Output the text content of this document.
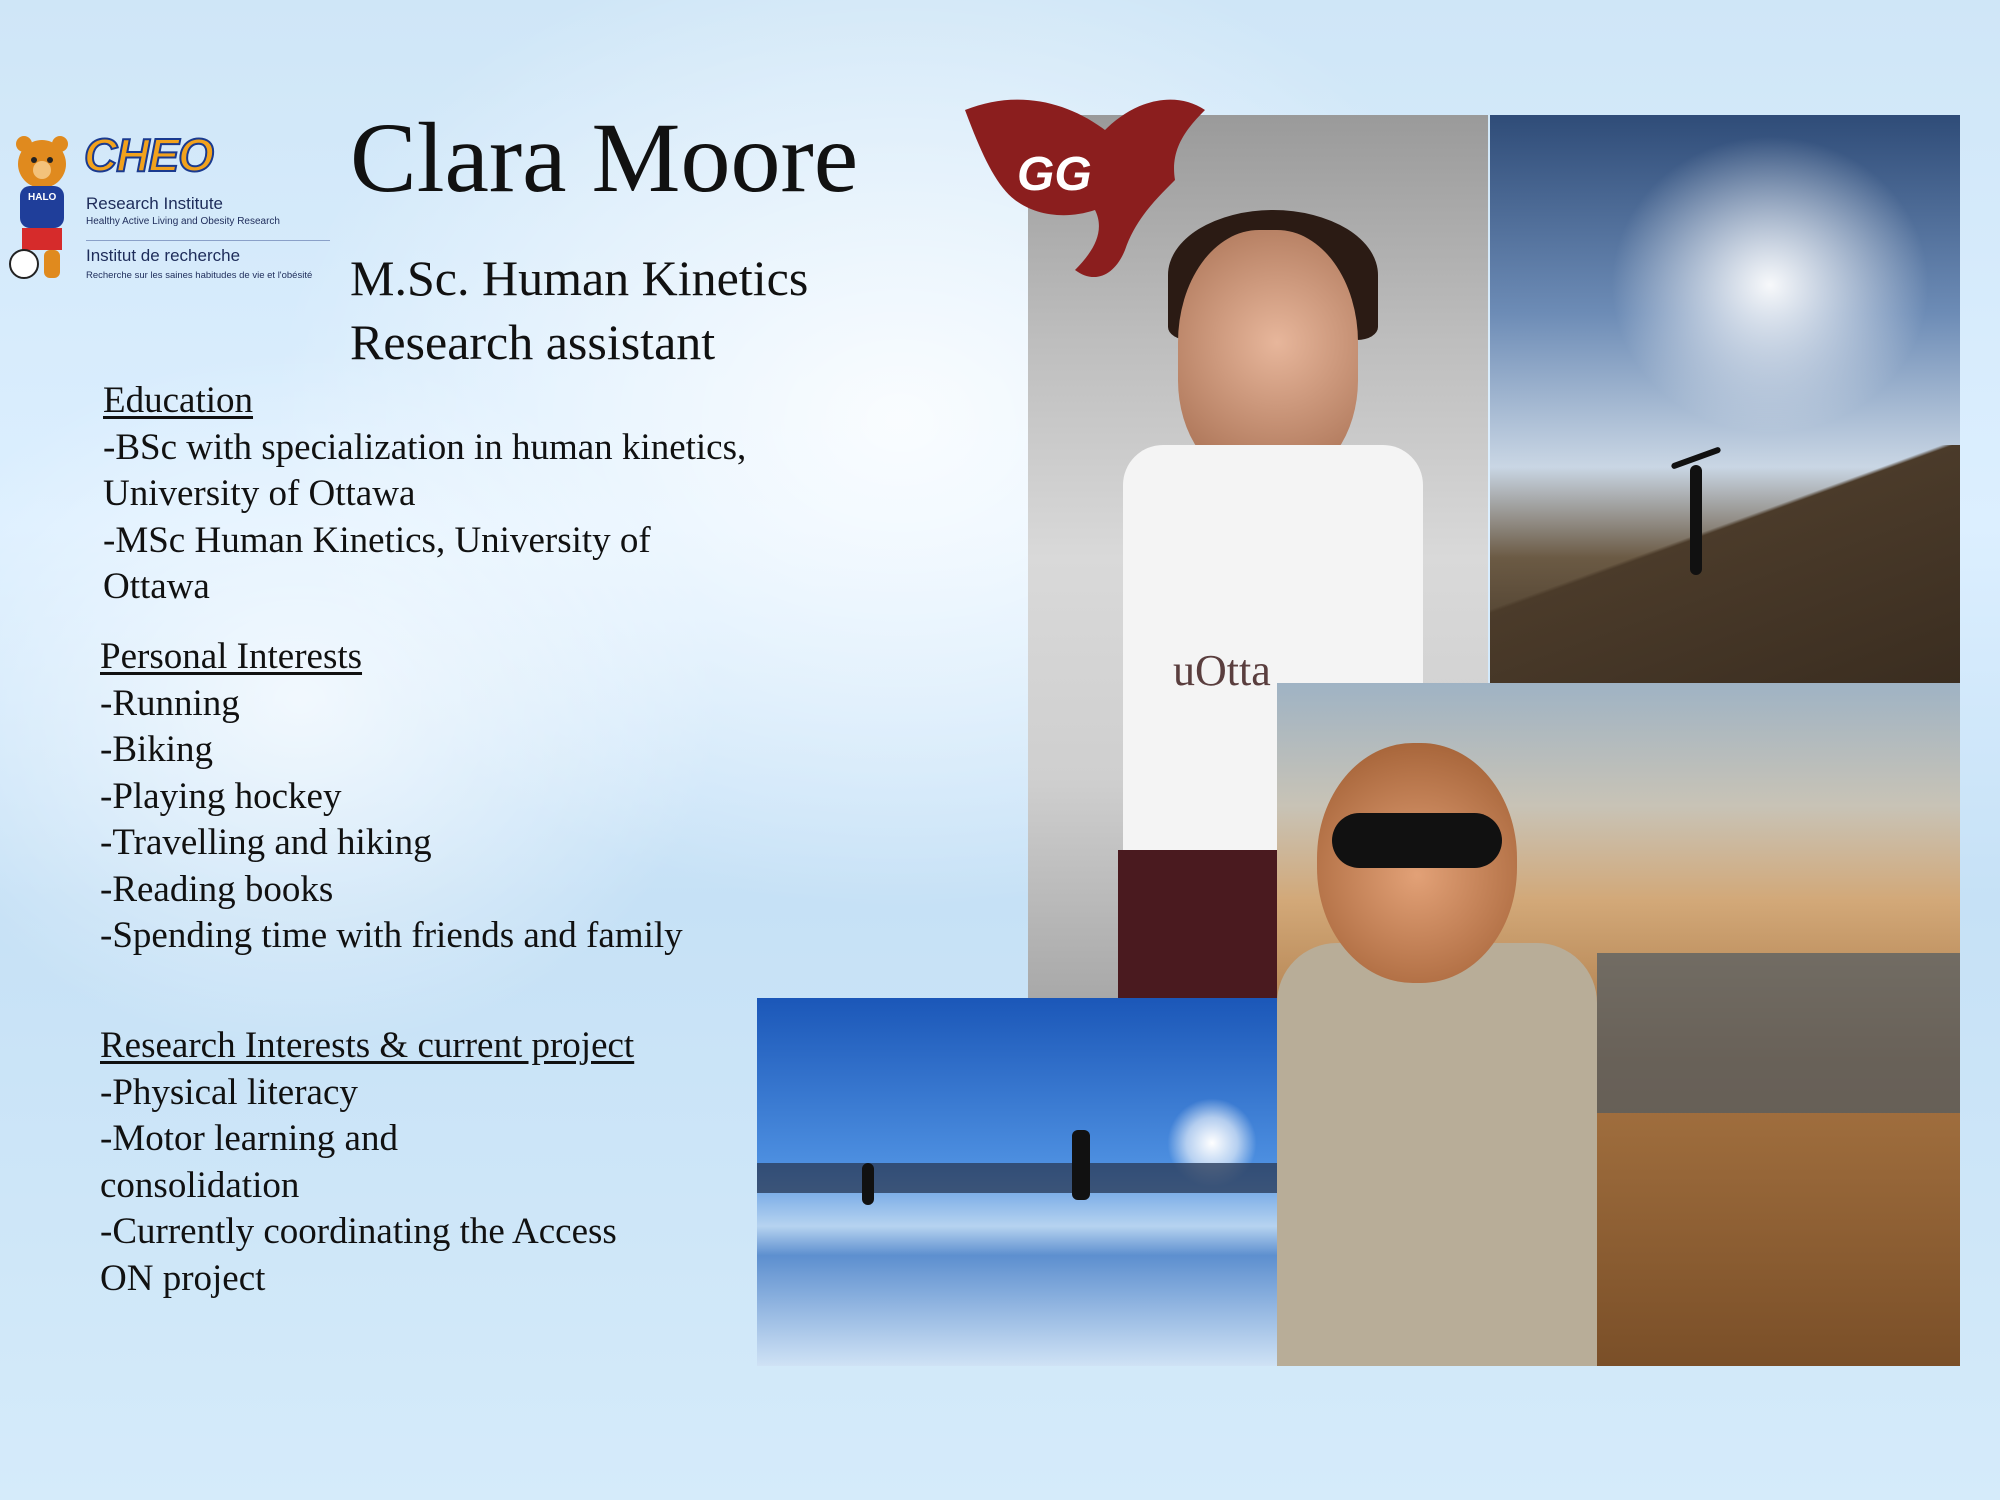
HALO
CHEO
Research Institute
Healthy Active Living and Obesity Research
Institut de recherche
Recherche sur les saines habitudes de vie et l'obésité
Clara Moore
M.Sc. Human Kinetics
Research assistant
Education
-BSc with specialization in human kinetics,
University of Ottawa
-MSc Human Kinetics, University of
Ottawa
Personal Interests
-Running
-Biking
-Playing hockey
-Travelling and hiking
-Reading books
-Spending time with friends and family
Research Interests & current project
-Physical literacy
-Motor learning and
consolidation
-Currently coordinating the Access
ON project
uOtta
GG
